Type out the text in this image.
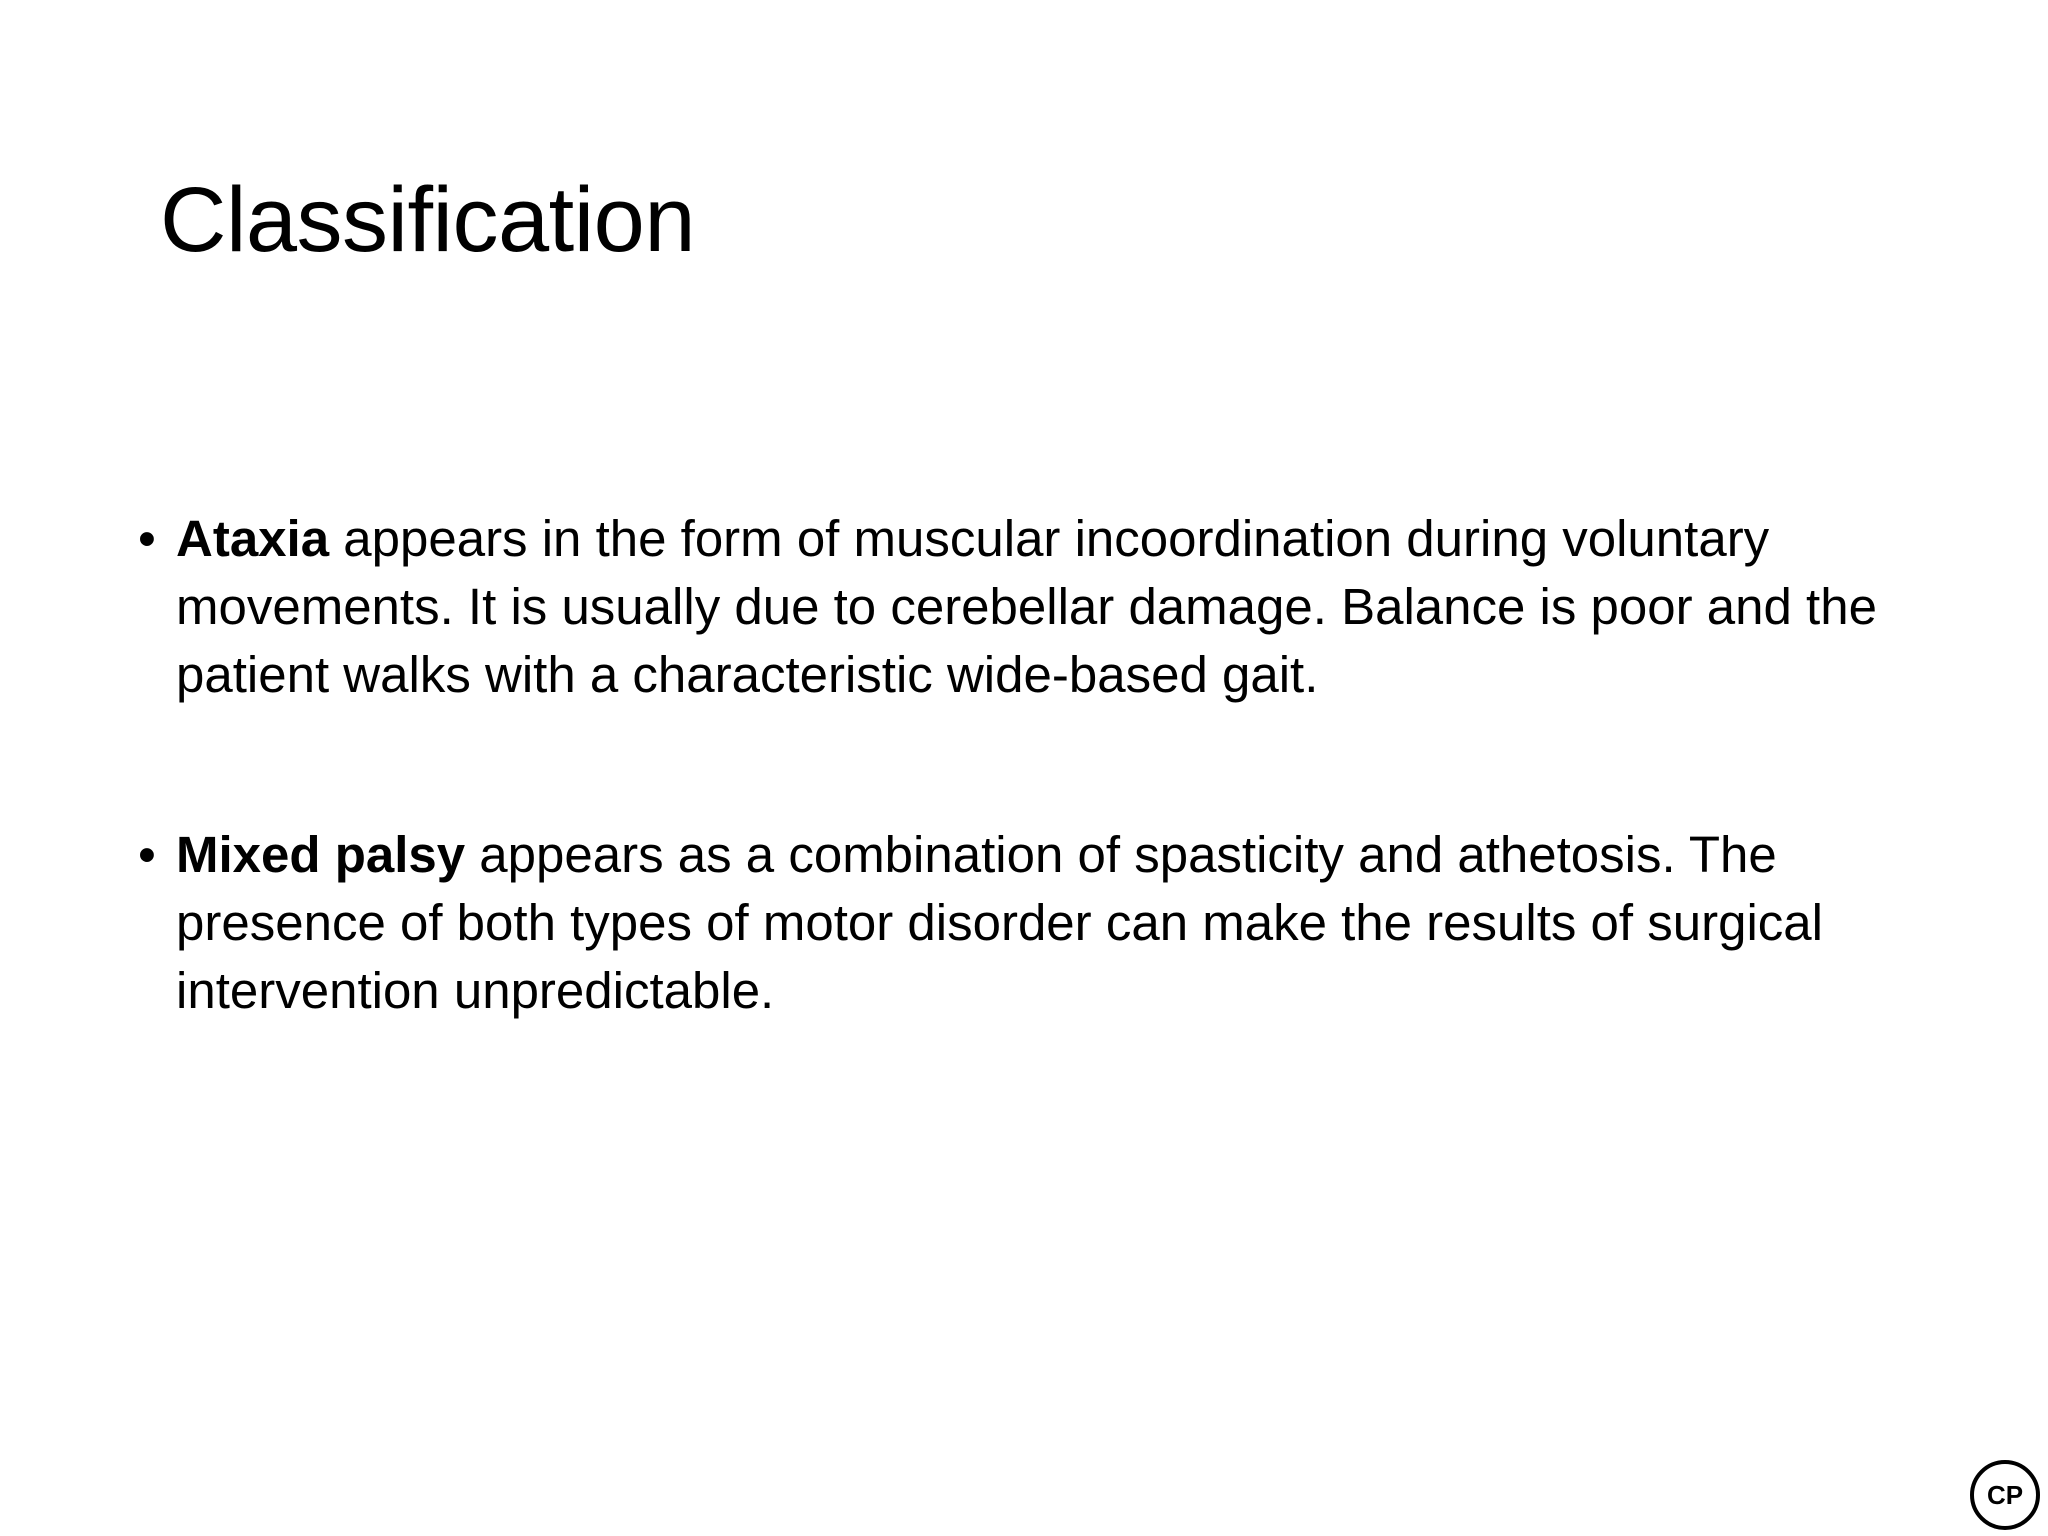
Classification
• Ataxia appears in the form of muscular incoordination during voluntary movements. It is usually due to cerebellar damage. Balance is poor and the patient walks with a characteristic wide-based gait.
• Mixed palsy appears as a combination of spasticity and athetosis. The presence of both types of motor disorder can make the results of surgical intervention unpredictable.
CP
